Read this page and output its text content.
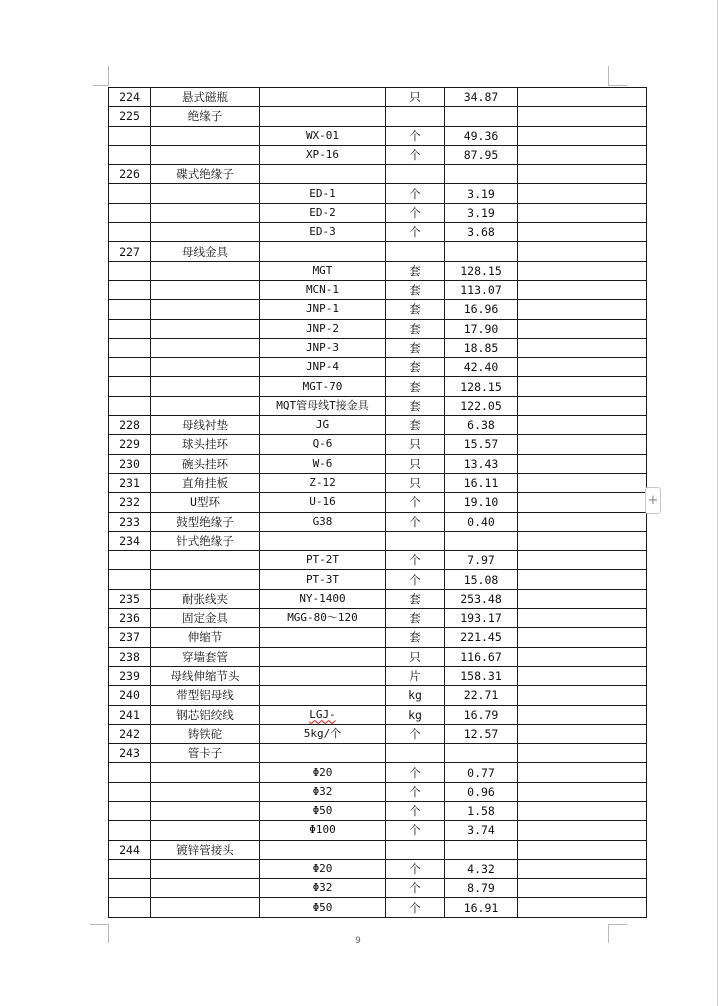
224	悬式磁瓶		只	34.87	
225	绝缘子				
		WX-01	个	49.36	
		XP-16	个	87.95	
226	碟式绝缘子				
		ED-1	个	3.19	
		ED-2	个	3.19	
		ED-3	个	3.68	
227	母线金具				
		MGT	套	128.15	
		MCN-1	套	113.07	
		JNP-1	套	16.96	
		JNP-2	套	17.90	
		JNP-3	套	18.85	
		JNP-4	套	42.40	
		MGT-70	套	128.15	
		MQT管母线T接金具	套	122.05	
228	母线衬垫	JG	套	6.38	
229	球头挂环	Q-6	只	15.57	
230	碗头挂环	W-6	只	13.43	
231	直角挂板	Z-12	只	16.11	
232	U型环	U-16	个	19.10	
233	鼓型绝缘子	G38	个	0.40	
234	针式绝缘子				
		PT-2T	个	7.97	
		PT-3T	个	15.08	
235	耐张线夹	NY-1400	套	253.48	
236	固定金具	MGG-80～120	套	193.17	
237	伸缩节		套	221.45	
238	穿墙套管		只	116.67	
239	母线伸缩节头		片	158.31	
240	带型铝母线		kg	22.71	
241	钢芯铝绞线	LGJ-	kg	16.79	
242	铸铁砣	5kg/个	个	12.57	
243	管卡子				
		Φ20	个	0.77	
		Φ32	个	0.96	
		Φ50	个	1.58	
		Φ100	个	3.74	
244	镀锌管接头				
		Φ20	个	4.32	
		Φ32	个	8.79	
		Φ50	个	16.91	
+
9
